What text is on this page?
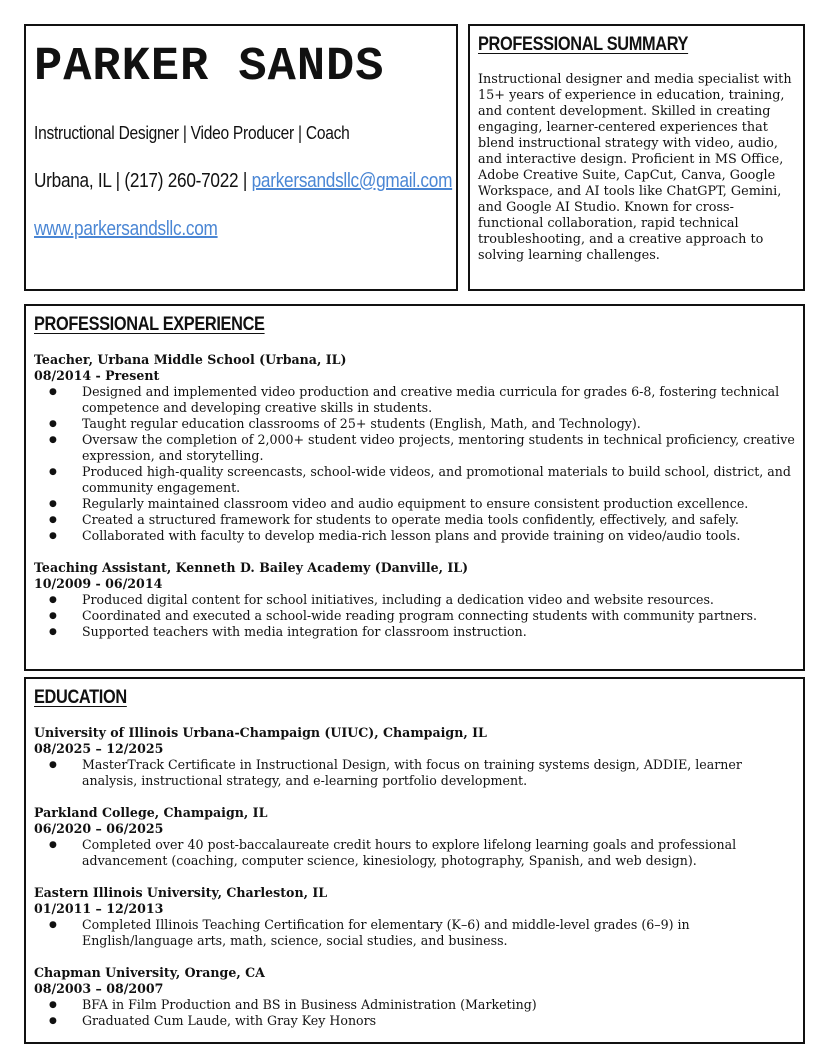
PARKER SANDS
Instructional Designer | Video Producer | Coach
Urbana, IL | (217) 260-7022 | parkersandsllc@gmail.com
www.parkersandsllc.com
PROFESSIONAL SUMMARY
Instructional designer and media specialist with 15+ years of experience in education, training, and content development. Skilled in creating engaging, learner-centered experiences that blend instructional strategy with video, audio, and interactive design. Proficient in MS Office, Adobe Creative Suite, CapCut, Canva, Google Workspace, and AI tools like ChatGPT, Gemini, and Google AI Studio. Known for cross-functional collaboration, rapid technical troubleshooting, and a creative approach to solving learning challenges.
PROFESSIONAL EXPERIENCE
Teacher, Urbana Middle School (Urbana, IL)
08/2014 - Present
● Designed and implemented video production and creative media curricula for grades 6-8, fostering technical competence and developing creative skills in students.
● Taught regular education classrooms of 25+ students (English, Math, and Technology).
● Oversaw the completion of 2,000+ student video projects, mentoring students in technical proficiency, creative expression, and storytelling.
● Produced high-quality screencasts, school-wide videos, and promotional materials to build school, district, and community engagement.
● Regularly maintained classroom video and audio equipment to ensure consistent production excellence.
● Created a structured framework for students to operate media tools confidently, effectively, and safely.
● Collaborated with faculty to develop media-rich lesson plans and provide training on video/audio tools.
Teaching Assistant, Kenneth D. Bailey Academy (Danville, IL)
10/2009 - 06/2014
● Produced digital content for school initiatives, including a dedication video and website resources.
● Coordinated and executed a school-wide reading program connecting students with community partners.
● Supported teachers with media integration for classroom instruction.
EDUCATION
University of Illinois Urbana-Champaign (UIUC), Champaign, IL
08/2025 – 12/2025
● MasterTrack Certificate in Instructional Design, with focus on training systems design, ADDIE, learner analysis, instructional strategy, and e-learning portfolio development.
Parkland College, Champaign, IL
06/2020 – 06/2025
● Completed over 40 post-baccalaureate credit hours to explore lifelong learning goals and professional advancement (coaching, computer science, kinesiology, photography, Spanish, and web design).
Eastern Illinois University, Charleston, IL
01/2011 – 12/2013
● Completed Illinois Teaching Certification for elementary (K–6) and middle-level grades (6–9) in English/language arts, math, science, social studies, and business.
Chapman University, Orange, CA
08/2003 – 08/2007
● BFA in Film Production and BS in Business Administration (Marketing)
● Graduated Cum Laude, with Gray Key Honors
